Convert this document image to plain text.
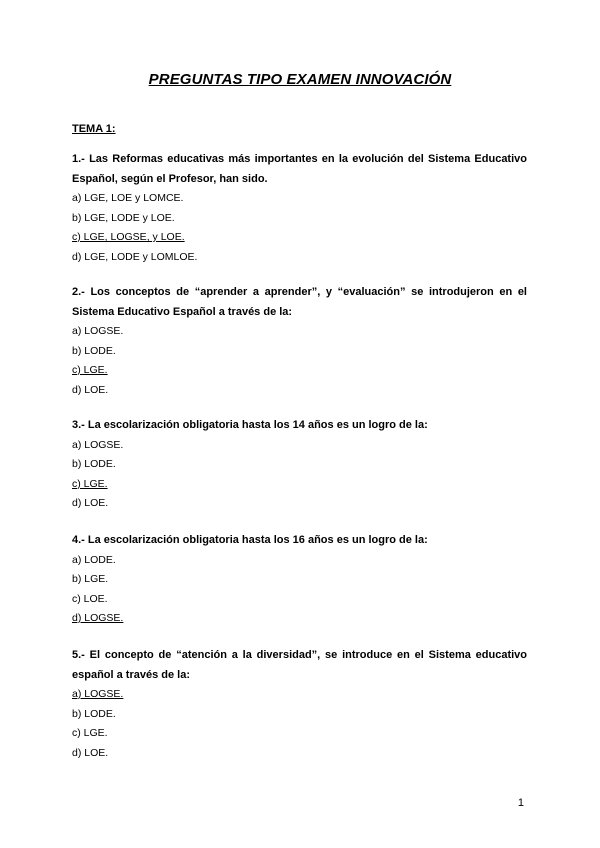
PREGUNTAS TIPO EXAMEN INNOVACIÓN
TEMA 1:

1.- Las Reformas educativas más importantes en la evolución del Sistema Educativo Español, según el Profesor, han sido.

a) LGE, LOE y LOMCE.

b) LGE, LODE y LOE.

c) LGE, LOGSE, y LOE.

d) LGE, LODE y LOMLOE.

2.- Los conceptos de “aprender a aprender”, y “evaluación” se introdujeron en el Sistema Educativo Español a través de la:

a) LOGSE.

b) LODE.

c) LGE.

d) LOE.

3.- La escolarización obligatoria hasta los 14 años es un logro de la:

a) LOGSE.

b) LODE.

c) LGE.

d) LOE.

4.- La escolarización obligatoria hasta los 16 años es un logro de la:

a) LODE.

b) LGE.

c) LOE.

d) LOGSE.

5.- El concepto de “atención a la diversidad”, se introduce en el Sistema educativo español a través de la:

a) LOGSE.

b) LODE.

c) LGE.

d) LOE.

1
